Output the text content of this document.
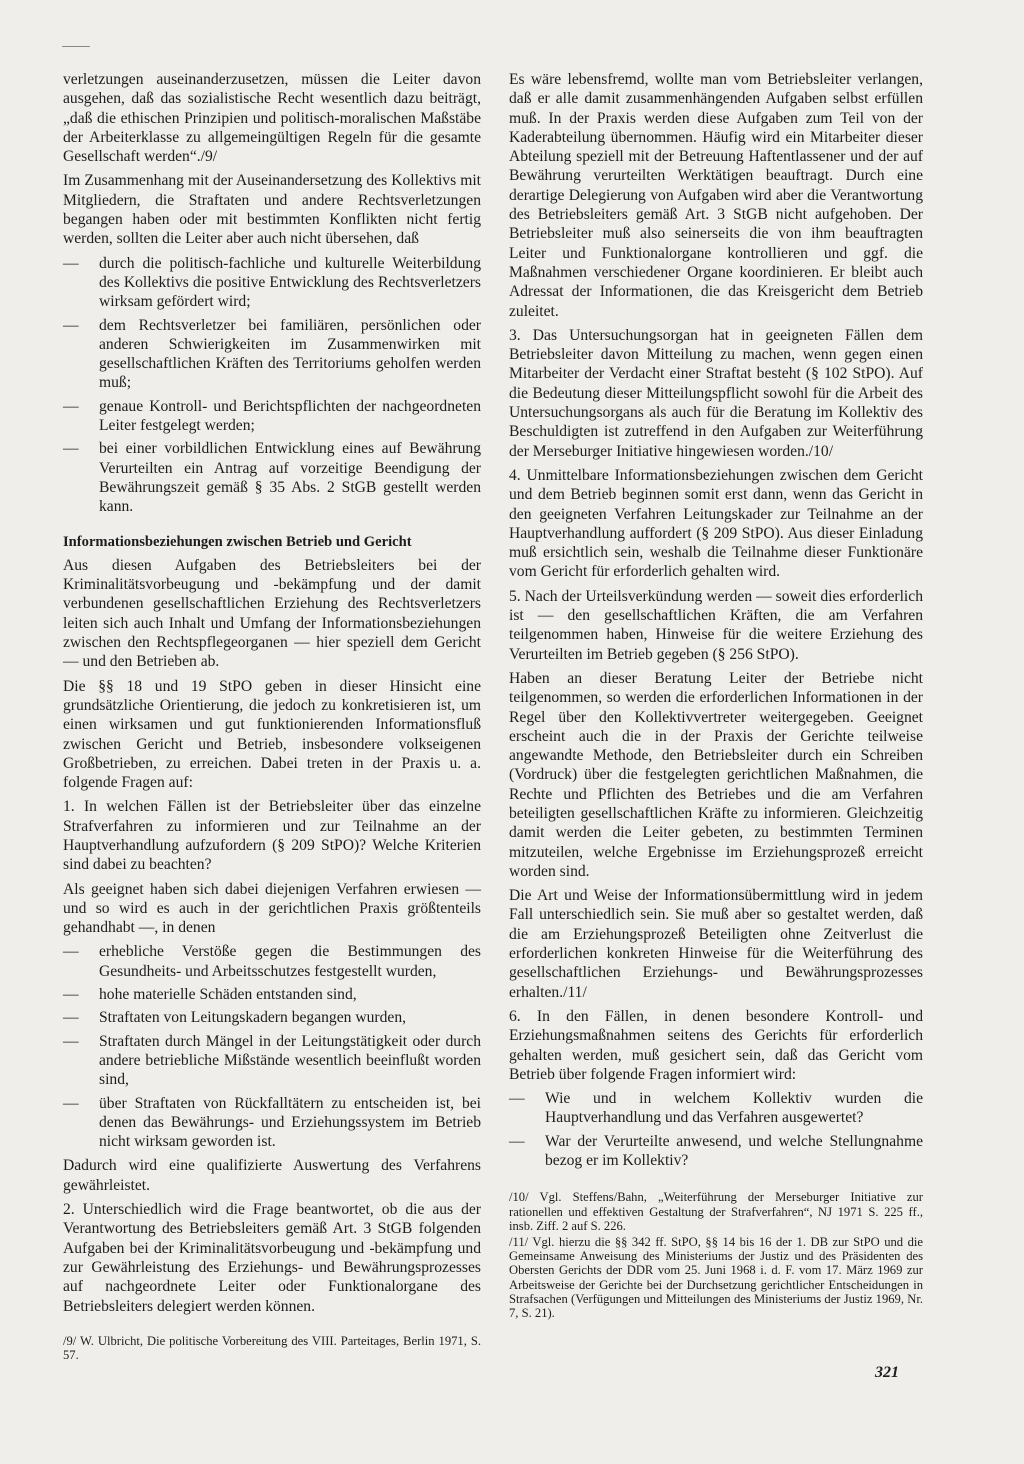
verletzungen auseinanderzusetzen, müssen die Leiter davon ausgehen, daß das sozialistische Recht wesentlich dazu beiträgt, „daß die ethischen Prinzipien und politisch-moralischen Maßstäbe der Arbeiterklasse zu allgemeingültigen Regeln für die gesamte Gesellschaft werden“./9/

Im Zusammenhang mit der Auseinandersetzung des Kollektivs mit Mitgliedern, die Straftaten und andere Rechtsverletzungen begangen haben oder mit bestimmten Konflikten nicht fertig werden, sollten die Leiter aber auch nicht übersehen, daß

— durch die politisch-fachliche und kulturelle Weiterbildung des Kollektivs die positive Entwicklung des Rechtsverletzers wirksam gefördert wird;
— dem Rechtsverletzer bei familiären, persönlichen oder anderen Schwierigkeiten im Zusammenwirken mit gesellschaftlichen Kräften des Territoriums geholfen werden muß;
— genaue Kontroll- und Berichtspflichten der nachgeordneten Leiter festgelegt werden;
— bei einer vorbildlichen Entwicklung eines auf Bewährung Verurteilten ein Antrag auf vorzeitige Beendigung der Bewährungszeit gemäß § 35 Abs. 2 StGB gestellt werden kann.
Informationsbeziehungen zwischen Betrieb und Gericht

Aus diesen Aufgaben des Betriebsleiters bei der Kriminalitätsvorbeugung und -bekämpfung und der damit verbundenen gesellschaftlichen Erziehung des Rechtsverletzers leiten sich auch Inhalt und Umfang der Informationsbeziehungen zwischen den Rechtspflegeorganen — hier speziell dem Gericht — und den Betrieben ab.

Die §§ 18 und 19 StPO geben in dieser Hinsicht eine grundsätzliche Orientierung, die jedoch zu konkretisieren ist, um einen wirksamen und gut funktionierenden Informationsfluß zwischen Gericht und Betrieb, insbesondere volkseigenen Großbetrieben, zu erreichen. Dabei treten in der Praxis u. a. folgende Fragen auf:

1. In welchen Fällen ist der Betriebsleiter über das einzelne Strafverfahren zu informieren und zur Teilnahme an der Hauptverhandlung aufzufordern (§ 209 StPO)? Welche Kriterien sind dabei zu beachten?

Als geeignet haben sich dabei diejenigen Verfahren erwiesen — und so wird es auch in der gerichtlichen Praxis größtenteils gehandhabt —, in denen

— erhebliche Verstöße gegen die Bestimmungen des Gesundheits- und Arbeitsschutzes festgestellt wurden,
— hohe materielle Schäden entstanden sind,
— Straftaten von Leitungskadern begangen wurden,
— Straftaten durch Mängel in der Leitungstätigkeit oder durch andere betriebliche Mißstände wesentlich beeinflußt worden sind,
— über Straftaten von Rückfalltätern zu entscheiden ist, bei denen das Bewährungs- und Erziehungssystem im Betrieb nicht wirksam geworden ist.

Dadurch wird eine qualifizierte Auswertung des Verfahrens gewährleistet.

2. Unterschiedlich wird die Frage beantwortet, ob die aus der Verantwortung des Betriebsleiters gemäß Art. 3 StGB folgenden Aufgaben bei der Kriminalitätsvorbeugung und -bekämpfung und zur Gewährleistung des Erziehungs- und Bewährungsprozesses auf nachgeordnete Leiter oder Funktionalorgane des Betriebsleiters delegiert werden können.

/9/ W. Ulbricht, Die politische Vorbereitung des VIII. Parteitages, Berlin 1971, S. 57.

Es wäre lebensfremd, wollte man vom Betriebsleiter verlangen, daß er alle damit zusammenhängenden Aufgaben selbst erfüllen muß. In der Praxis werden diese Aufgaben zum Teil von der Kaderabteilung übernommen. Häufig wird ein Mitarbeiter dieser Abteilung speziell mit der Betreuung Haftentlassener und der auf Bewährung verurteilten Werktätigen beauftragt. Durch eine derartige Delegierung von Aufgaben wird aber die Verantwortung des Betriebsleiters gemäß Art. 3 StGB nicht aufgehoben. Der Betriebsleiter muß also seinerseits die von ihm beauftragten Leiter und Funktionalorgane kontrollieren und ggf. die Maßnahmen verschiedener Organe koordinieren. Er bleibt auch Adressat der Informationen, die das Kreisgericht dem Betrieb zuleitet.

3. Das Untersuchungsorgan hat in geeigneten Fällen dem Betriebsleiter davon Mitteilung zu machen, wenn gegen einen Mitarbeiter der Verdacht einer Straftat besteht (§ 102 StPO). Auf die Bedeutung dieser Mitteilungspflicht sowohl für die Arbeit des Untersuchungsorgans als auch für die Beratung im Kollektiv des Beschuldigten ist zutreffend in den Aufgaben zur Weiterführung der Merseburger Initiative hingewiesen worden./10/

4. Unmittelbare Informationsbeziehungen zwischen dem Gericht und dem Betrieb beginnen somit erst dann, wenn das Gericht in den geeigneten Verfahren Leitungskader zur Teilnahme an der Hauptverhandlung auffordert (§ 209 StPO). Aus dieser Einladung muß ersichtlich sein, weshalb die Teilnahme dieser Funktionäre vom Gericht für erforderlich gehalten wird.

5. Nach der Urteilsverkündung werden — soweit dies erforderlich ist — den gesellschaftlichen Kräften, die am Verfahren teilgenommen haben, Hinweise für die weitere Erziehung des Verurteilten im Betrieb gegeben (§ 256 StPO).

Haben an dieser Beratung Leiter der Betriebe nicht teilgenommen, so werden die erforderlichen Informationen in der Regel über den Kollektivvertreter weitergegeben. Geeignet erscheint auch die in der Praxis der Gerichte teilweise angewandte Methode, den Betriebsleiter durch ein Schreiben (Vordruck) über die festgelegten gerichtlichen Maßnahmen, die Rechte und Pflichten des Betriebes und die am Verfahren beteiligten gesellschaftlichen Kräfte zu informieren. Gleichzeitig damit werden die Leiter gebeten, zu bestimmten Terminen mitzuteilen, welche Ergebnisse im Erziehungsprozeß erreicht worden sind.

Die Art und Weise der Informationsübermittlung wird in jedem Fall unterschiedlich sein. Sie muß aber so gestaltet werden, daß die am Erziehungsprozeß Beteiligten ohne Zeitverlust die erforderlichen konkreten Hinweise für die Weiterführung des gesellschaftlichen Erziehungs- und Bewährungsprozesses erhalten./11/

6. In den Fällen, in denen besondere Kontroll- und Erziehungsmaßnahmen seitens des Gerichts für erforderlich gehalten werden, muß gesichert sein, daß das Gericht vom Betrieb über folgende Fragen informiert wird:

— Wie und in welchem Kollektiv wurden die Hauptverhandlung und das Verfahren ausgewertet?
— War der Verurteilte anwesend, und welche Stellungnahme bezog er im Kollektiv?

/10/ Vgl. Steffens/Bahn, „Weiterführung der Merseburger Initiative zur rationellen und effektiven Gestaltung der Strafverfahren“, NJ 1971 S. 225 ff., insb. Ziff. 2 auf S. 226.

/11/ Vgl. hierzu die §§ 342 ff. StPO, §§ 14 bis 16 der 1. DB zur StPO und die Gemeinsame Anweisung des Ministeriums der Justiz und des Präsidenten des Obersten Gerichts der DDR vom 25. Juni 1968 i. d. F. vom 17. März 1969 zur Arbeitsweise der Gerichte bei der Durchsetzung gerichtlicher Entscheidungen in Strafsachen (Verfügungen und Mitteilungen des Ministeriums der Justiz 1969, Nr. 7, S. 21).

321
